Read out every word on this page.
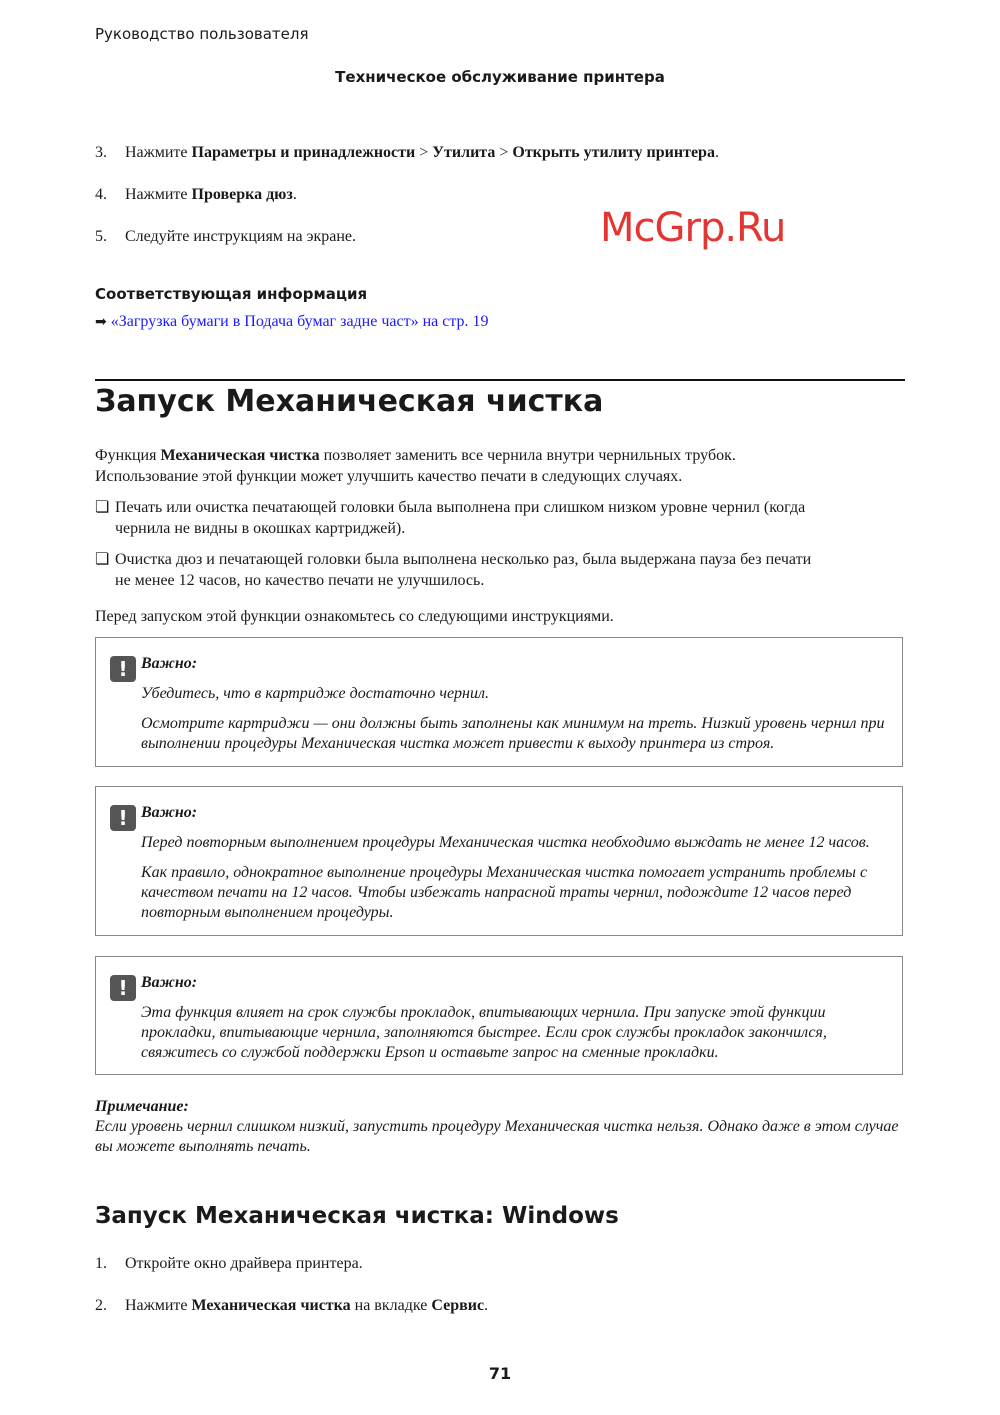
Руководство пользователя
Техническое обслуживание принтера
3. Нажмите Параметры и принадлежности > Утилита > Открыть утилиту принтера.
4. Нажмите Проверка дюз.
5. Следуйте инструкциям на экране.
Соответствующая информация
➡ «Загрузка бумаги в Подача бумаг задне част» на стр. 19
Запуск Механическая чистка
Функция Механическая чистка позволяет заменить все чернила внутри чернильных трубок.
Использование этой функции может улучшить качество печати в следующих случаях.
❏ Печать или очистка печатающей головки была выполнена при слишком низком уровне чернил (когда
чернила не видны в окошках картриджей).
❏ Очистка дюз и печатающей головки была выполнена несколько раз, была выдержана пауза без печати
не менее 12 часов, но качество печати не улучшилось.
Перед запуском этой функции ознакомьтесь со следующими инструкциями.
! Важно:

Убедитесь, что в картридже достаточно чернил.

Осмотрите картриджи — они должны быть заполнены как минимум на треть. Низкий уровень чернил при выполнении процедуры Механическая чистка может привести к выходу принтера из строя.

! Важно:

Перед повторным выполнением процедуры Механическая чистка необходимо выждать не менее 12 часов.

Как правило, однократное выполнение процедуры Механическая чистка помогает устранить проблемы с качеством печати на 12 часов. Чтобы избежать напрасной траты чернил, подождите 12 часов перед повторным выполнением процедуры.

! Важно:

Эта функция влияет на срок службы прокладок, впитывающих чернила. При запуске этой функции прокладки, впитывающие чернила, заполняются быстрее. Если срок службы прокладок закончился, свяжитесь со службой поддержки Epson и оставьте запрос на сменные прокладки.

Примечание:
Если уровень чернил слишком низкий, запустить процедуру Механическая чистка нельзя. Однако даже в этом случае вы можете выполнять печать.
Запуск Механическая чистка: Windows
1. Откройте окно драйвера принтера.
2. Нажмите Механическая чистка на вкладке Сервис.
McGrp.Ru
71
